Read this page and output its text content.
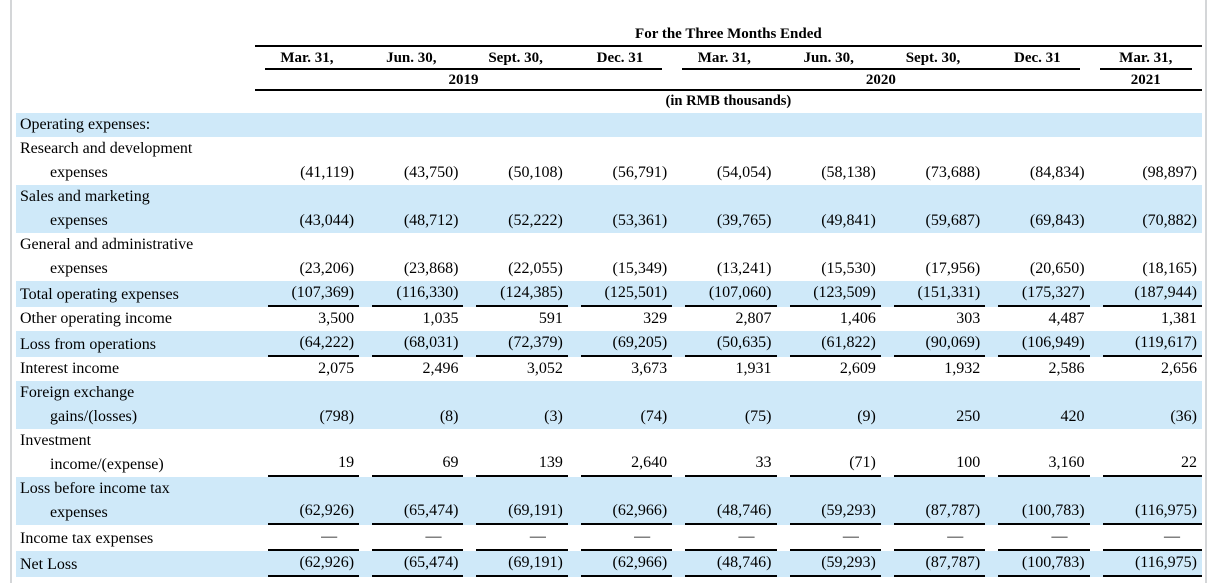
	For the Three Months Ended								
	Mar. 31,	Jun. 30,	Sept. 30,	Dec. 31	Mar. 31,	Jun. 30,	Sept. 30,	Dec. 31	Mar. 31,

	2019				2020				2021

	(in RMB thousands)								

Operating expenses:									

Research and development
expenses	(41,119)	(43,750)	(50,108)	(56,791)	(54,054)	(58,138)	(73,688)	(84,834)	(98,897)

Sales and marketing
expenses	(43,044)	(48,712)	(52,222)	(53,361)	(39,765)	(49,841)	(59,687)	(69,843)	(70,882)

General and administrative
expenses	(23,206)	(23,868)	(22,055)	(15,349)	(13,241)	(15,530)	(17,956)	(20,650)	(18,165)

Total operating expenses	(107,369)	(116,330)	(124,385)	(125,501)	(107,060)	(123,509)	(151,331)	(175,327)	(187,944)

Other operating income	3,500	1,035	591	329	2,807	1,406	303	4,487	1,381

Loss from operations	(64,222)	(68,031)	(72,379)	(69,205)	(50,635)	(61,822)	(90,069)	(106,949)	(119,617)

Interest income	2,075	2,496	3,052	3,673	1,931	2,609	1,932	2,586	2,656

Foreign exchange
gains/(losses)	(798)	(8)	(3)	(74)	(75)	(9)	250	420	(36)

Investment
income/(expense)	19	69	139	2,640	33	(71)	100	3,160	22

Loss before income tax
expenses	(62,926)	(65,474)	(69,191)	(62,966)	(48,746)	(59,293)	(87,787)	(100,783)	(116,975)

Income tax expenses	—	—	—	—	—	—	—	—	—

Net Loss	(62,926)	(65,474)	(69,191)	(62,966)	(48,746)	(59,293)	(87,787)	(100,783)	(116,975)
